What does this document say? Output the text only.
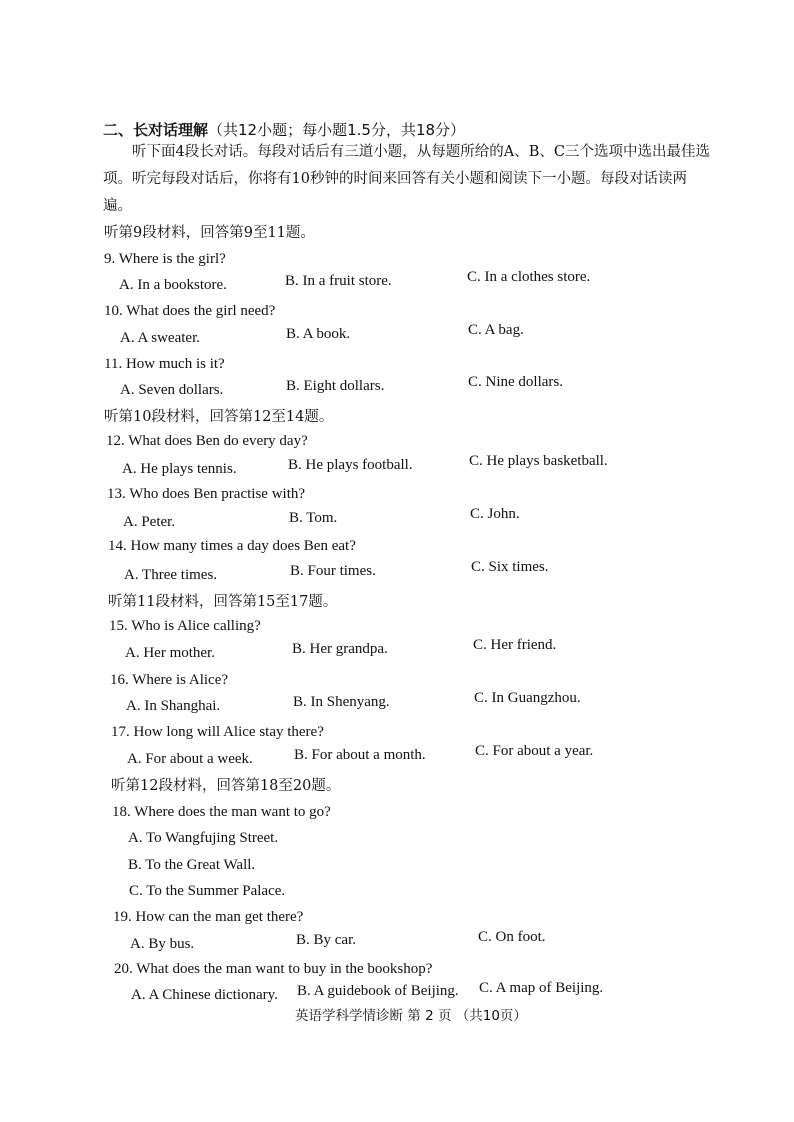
二、长对话理解（共12小题；每小题1.5分，共18分）
听下面4段长对话。每段对话后有三道小题，从每题所给的A、B、C三个选项中选出最佳选项。听完每段对话后，你将有10秒钟的时间来回答有关小题和阅读下一小题。每段对话读两遍。
听第9段材料，回答第9至11题。
9. Where is the girl?
A. In a bookstore.	B. In a fruit store.	C. In a clothes store.
10. What does the girl need?
A. A sweater.	B. A book.	C. A bag.
11. How much is it?
A. Seven dollars.	B. Eight dollars.	C. Nine dollars.
听第10段材料，回答第12至14题。
12. What does Ben do every day?
A. He plays tennis.	B. He plays football.	C. He plays basketball.
13. Who does Ben practise with?
A. Peter.	B. Tom.	C. John.
14. How many times a day does Ben eat?
A. Three times.	B. Four times.	C. Six times.
听第11段材料，回答第15至17题。
15. Who is Alice calling?
A. Her mother.	B. Her grandpa.	C. Her friend.
16. Where is Alice?
A. In Shanghai.	B. In Shenyang.	C. In Guangzhou.
17. How long will Alice stay there?
A. For about a week.	B. For about a month.	C. For about a year.
听第12段材料，回答第18至20题。
18. Where does the man want to go?
A. To Wangfujing Street.
B. To the Great Wall.
C. To the Summer Palace.
19. How can the man get there?
A. By bus.	B. By car.	C. On foot.
20. What does the man want to buy in the bookshop?
A. A Chinese dictionary. B. A guidebook of Beijing. C. A map of Beijing.
英语学科学情诊断 第 2 页 （共10页）
